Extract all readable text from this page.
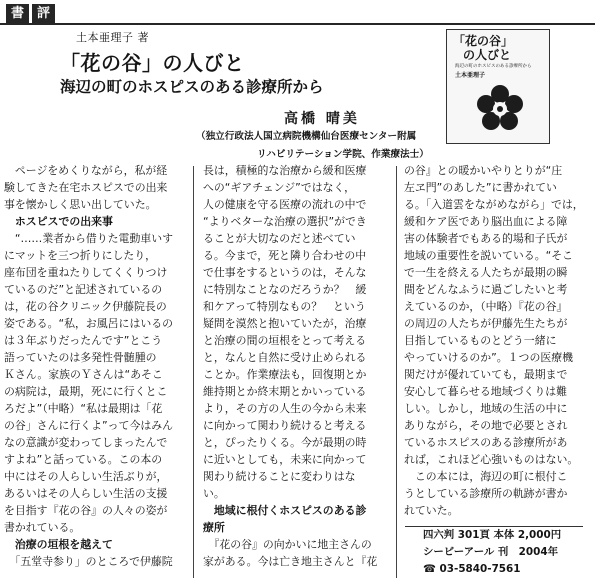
書 評
土本亜理子 著
「花の谷」の人びと
海辺の町のホスピスのある診療所から
高橋 晴美
（独立行政法人国立病院機構仙台医療センター附属
リハビリテーション学院、作業療法士）
「花の谷」
の人びと
海辺の町のホスピスのある診療所から
土本亜理子
　ページをめくりながら，私が経
験してきた在宅ホスピスでの出来
事を懐かしく思い出していた。
　ホスピスでの出来事
　“……業者から借りた電動車いす
にマットを三つ折りにしたり，
座布団を重ねたりしてくくりつけ
ているのだ”と記述されているの
は，花の谷クリニック伊藤院長の
姿である。“私，お風呂にはいるの
は３年ぶりだったんです”とこう
語っていたのは多発性骨髄腫の
Ｋさん。家族のＹさんは“あそこ
の病院は，最期，死にに行くとこ
ろだよ”（中略）“私は最期は「花
の谷」さんに行くよ”って今はみん
なの意識が変わってしまったんで
すよね”と話っている。この本の
中にはその人らしい生活ぶりが，
あるいはその人らしい生活の支援
を目指す『花の谷』の人々の姿が
書かれている。
　治療の垣根を越えて
　「五堂寺参り」のところで伊藤院
長は，積極的な治療から緩和医療
への“ギアチェンジ”ではなく，
人の健康を守る医療の流れの中で
“よりベターな治療の選択”ができ
ることが大切なのだと述べてい
る。今まで，死と隣り合わせの中
で仕事をするというのは，そんな
に特別なことなのだろうか？　緩
和ケアって特別なもの？　という
疑問を漠然と抱いていたが，治療
と治療の間の垣根をとって考える
と，なんと自然に受け止められる
ことか。作業療法も，回復期とか
維持期とか終末期とかいっている
より，その方の人生の今から未来
に向かって関わり続けると考える
と，ぴったりくる。今が最期の時
に近いとしても，未来に向かって
関わり続けることに変わりはな
い。
　地域に根付くホスピスのある診
療所
　『花の谷』の向かいに地主さんの
家がある。今は亡き地主さんと『花
の谷』との暖かいやりとりが“庄
左ヱ門”のあした”に書かれてい
る。「入道雲をながめながら」では，
緩和ケア医であり脳出血による障
害の体験者でもある的場和子氏が
地域の重要性を説いている。“そこ
で一生を終える人たちが最期の瞬
間をどんなふうに過ごしたいと考
えているのか，（中略）『花の谷』
の周辺の人たちが伊藤先生たちが
目指しているものとどう一緒に
やっていけるのか”。１つの医療機
関だけが優れていても，最期まで
安心して暮らせる地域づくりは難
しい。しかし，地域の生活の中に
ありながら，その地で必要とされ
ているホスピスのある診療所があ
れば，これほど心強いものはない。
　この本には，海辺の町に根付こ
うとしている診療所の軌跡が書か
れていた。
四六判 301頁 本体 2,000円
シービーアール 刊　2004年
☎ 03-5840-7561
